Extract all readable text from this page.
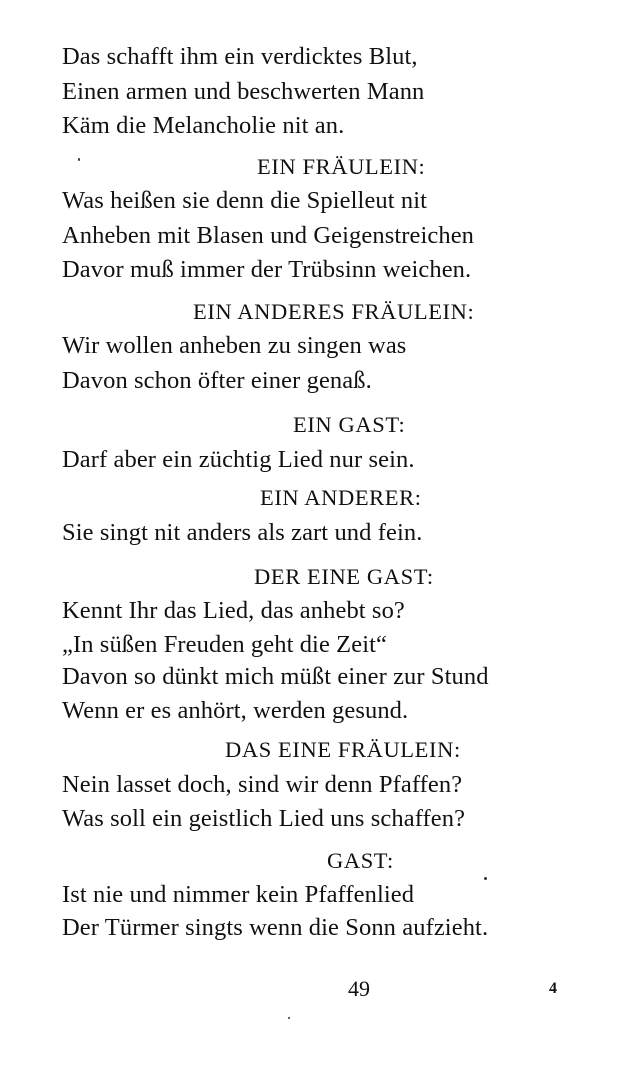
Das schafft ihm ein verdicktes Blut,
Einen armen und beschwerten Mann
Käm die Melancholie nit an.
EIN FRÄULEIN:
Was heißen sie denn die Spielleut nit
Anheben mit Blasen und Geigenstreichen
Davor muß immer der Trübsinn weichen.
EIN ANDERES FRÄULEIN:
Wir wollen anheben zu singen was
Davon schon öfter einer genaß.
EIN GAST:
Darf aber ein züchtig Lied nur sein.
EIN ANDERER:
Sie singt nit anders als zart und fein.
DER EINE GAST:
Kennt Ihr das Lied, das anhebt so?
„In süßen Freuden geht die Zeit“
Davon so dünkt mich müßt einer zur Stund
Wenn er es anhört, werden gesund.
DAS EINE FRÄULEIN:
Nein lasset doch, sind wir denn Pfaffen?
Was soll ein geistlich Lied uns schaffen?
GAST:
Ist nie und nimmer kein Pfaffenlied
Der Türmer singts wenn die Sonn aufzieht.
49	4
